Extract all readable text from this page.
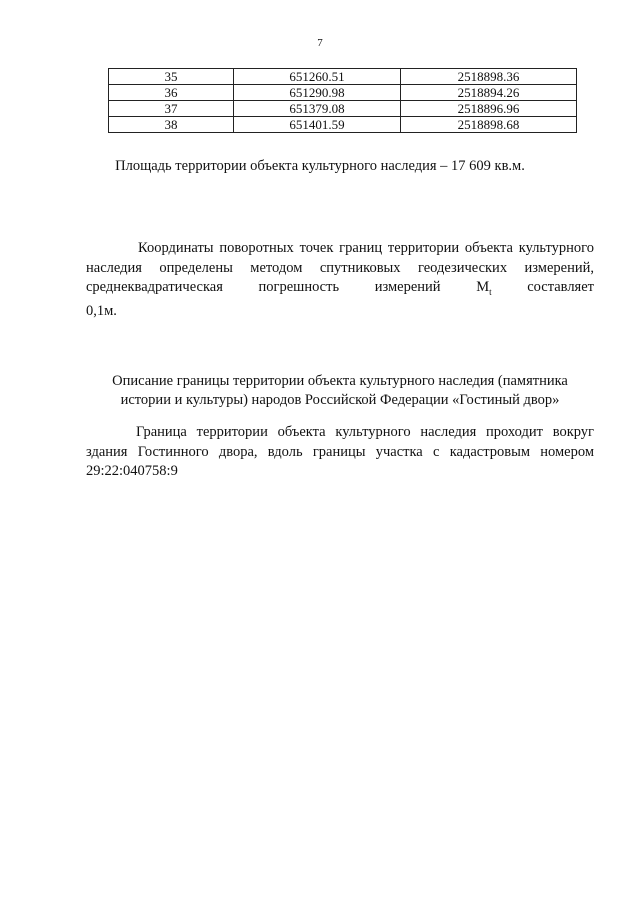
7
35	651260.51	2518898.36
36	651290.98	2518894.26
37	651379.08	2518896.96
38	651401.59	2518898.68
Площадь территории объекта культурного наследия – 17 609 кв.м.
Координаты поворотных точек границ территории объекта культурного наследия определены методом спутниковых геодезических измерений, среднеквадратическая погрешность измерений $M_t$ составляет
0,1м.
Описание границы территории объекта культурного наследия (памятника
истории и культуры) народов Российской Федерации «Гостиный двор»
Граница территории объекта культурного наследия проходит вокруг здания Гостинного двора, вдоль границы участка с кадастровым номером
29:22:040758:9
